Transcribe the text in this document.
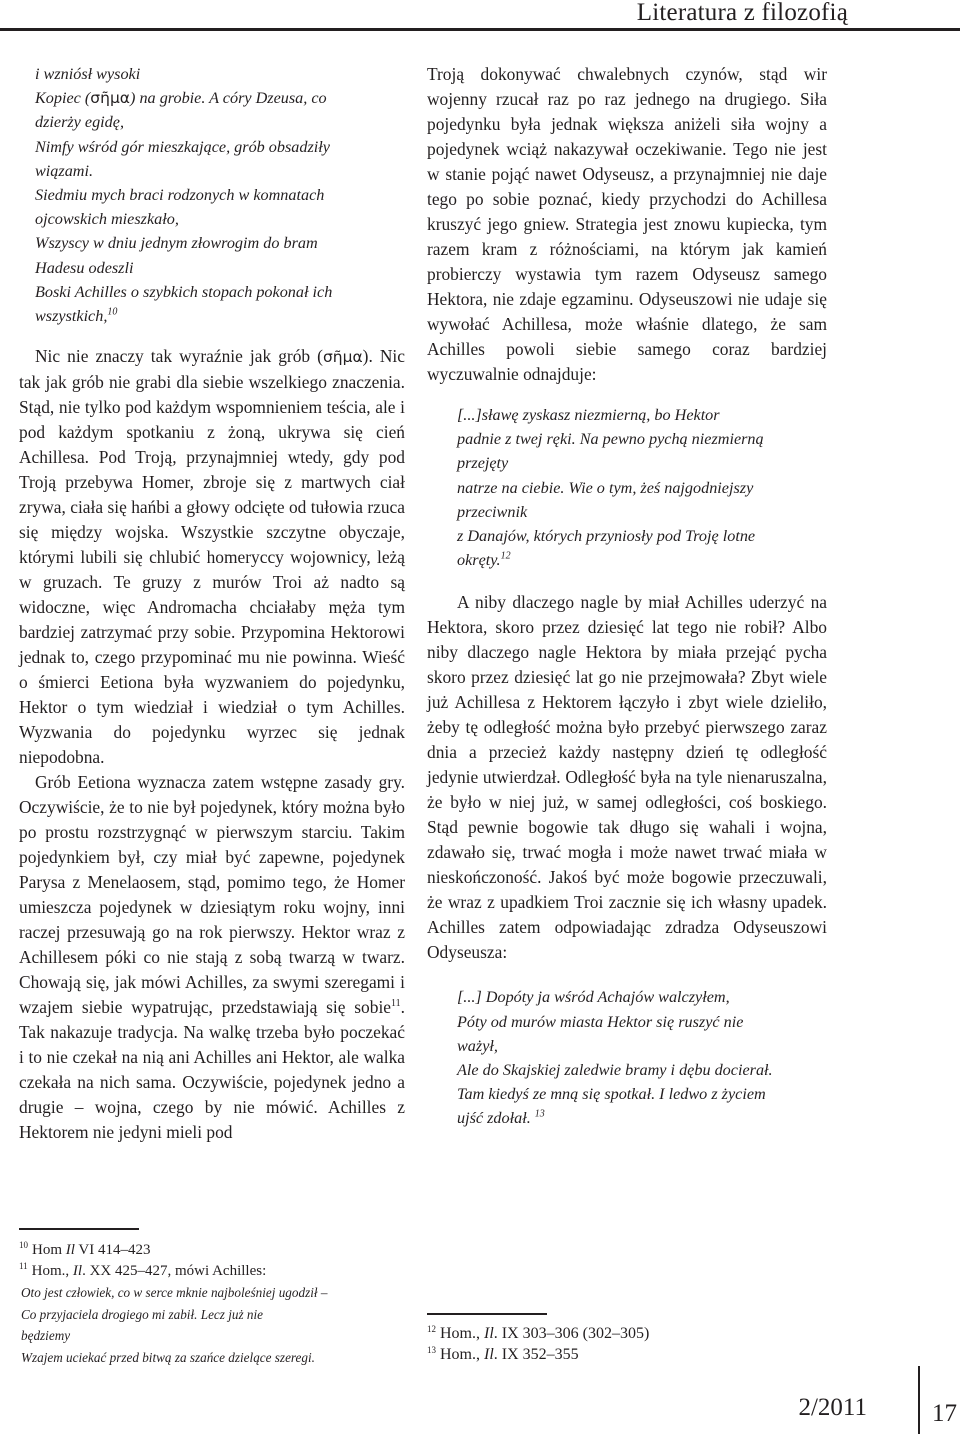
Literatura z filozofią
i wzniósł wysoki
Kopiec (σῆμα) na grobie. A córy Dzeusa, co
dzierży egidę,
Nimfy wśród gór mieszkające, grób obsadziły
wiązami.
Siedmiu mych braci rodzonych w komnatach
ojcowskich mieszkało,
Wszyscy w dniu jednym złowrogim do bram
Hadesu odeszli
Boski Achilles o szybkich stopach pokonał ich
wszystkich,$^{10}$

Nic nie znaczy tak wyraźnie jak grób (σῆμα). Nic tak jak grób nie grabi dla siebie wszelkiego znaczenia. Stąd, nie tylko pod każdym wspomnieniem teścia, ale i pod każdym spotkaniu z żoną, ukrywa się cień Achillesa. Pod Troją, przynajmniej wtedy, gdy pod Troją przebywa Homer, zbroje się z martwych ciał zrywa, ciała się hańbi a głowy odcięte od tułowia rzuca się między wojska. Wszystkie szczytne obyczaje, którymi lubili się chlubić homeryccy wojownicy, leżą w gruzach. Te gruzy z murów Troi aż nadto są widoczne, więc Andromacha chciałaby męża tym bardziej zatrzymać przy sobie. Przypomina Hektorowi jednak to, czego przypominać mu nie powinna. Wieść o śmierci Eetiona była wyzwaniem do pojedynku, Hektor o tym wiedział i wiedział o tym Achilles. Wyzwania do pojedynku wyrzec się jednak niepodobna.

Grób Eetiona wyznacza zatem wstępne zasady gry. Oczywiście, że to nie był pojedynek, który można było po prostu rozstrzygnąć w pierwszym starciu. Takim pojedynkiem był, czy miał być zapewne, pojedynek Parysa z Menelaosem, stąd, pomimo tego, że Homer umieszcza pojedynek w dziesiątym roku wojny, inni raczej przesuwają go na rok pierwszy. Hektor wraz z Achillesem póki co nie stają z sobą twarzą w twarz. Chowają się, jak mówi Achilles, za swymi szeregami i wzajem siebie wypatrując, przedstawiają się sobie$^{11}$. Tak nakazuje tradycja. Na walkę trzeba było poczekać i to nie czekał na nią ani Achilles ani Hektor, ale walka czekała na nich sama. Oczywiście, pojedynek jedno a drugie – wojna, czego by nie mówić. Achilles z Hektorem nie jedyni mieli pod

$^{10}$ Hom Il VI 414–423
$^{11}$ Hom., Il. XX 425–427, mówi Achilles:
Oto jest człowiek, co w serce mknie najboleśniej ugodził –
Co przyjaciela drogiego mi zabił. Lecz już nie
będziemy
Wzajem uciekać przed bitwą za szańce dzielące szeregi.

Troją dokonywać chwalebnych czynów, stąd wir wojenny rzucał raz po raz jednego na drugiego. Siła pojedynku była jednak większa aniżeli siła wojny a pojedynek wciąż nakazywał oczekiwanie. Tego nie jest w stanie pojąć nawet Odyseusz, a przynajmniej nie daje tego po sobie poznać, kiedy przychodzi do Achillesa kruszyć jego gniew. Strategia jest znowu kupiecka, tym razem kram z różnościami, na którym jak kamień probierczy wystawia tym razem Odyseusz samego Hektora, nie zdaje egzaminu. Odyseuszowi nie udaje się wywołać Achillesa, może właśnie dlatego, że sam Achilles powoli siebie samego coraz bardziej wyczuwalnie odnajduje:

[...]sławę zyskasz niezmierną, bo Hektor
padnie z twej ręki. Na pewno pychą niezmierną
przejęty
natrze na ciebie. Wie o tym, żeś najgodniejszy
przeciwnik
z Danajów, których przyniosły pod Troję lotne
okręty.$^{12}$

A niby dlaczego nagle by miał Achilles uderzyć na Hektora, skoro przez dziesięć lat tego nie robił? Albo niby dlaczego nagle Hektora by miała przejąć pycha skoro przez dziesięć lat go nie przejmowała? Zbyt wiele już Achillesa z Hektorem łączyło i zbyt wiele dzieliło, żeby tę odległość można było przebyć pierwszego zaraz dnia a przecież każdy następny dzień tę odległość jedynie utwierdzał. Odległość była na tyle nienaruszalna, że było w niej już, w samej odległości, coś boskiego. Stąd pewnie bogowie tak długo się wahali i wojna, zdawało się, trwać mogła i może nawet trwać miała w nieskończoność. Jakoś być może bogowie przeczuwali, że wraz z upadkiem Troi zacznie się ich własny upadek. Achilles zatem odpowiadając zdradza Odyseuszowi Odyseusza:

[...] Dopóty ja wśród Achajów walczyłem,
Póty od murów miasta Hektor się ruszyć nie
ważył,
Ale do Skajskiej zaledwie bramy i dębu docierał.
Tam kiedyś ze mną się spotkał. I ledwo z życiem
ujść zdołał. $^{13}$
$^{12}$ Hom., Il. IX 303–306 (302–305)
$^{13}$ Hom., Il. IX 352–355
2/2011	17
